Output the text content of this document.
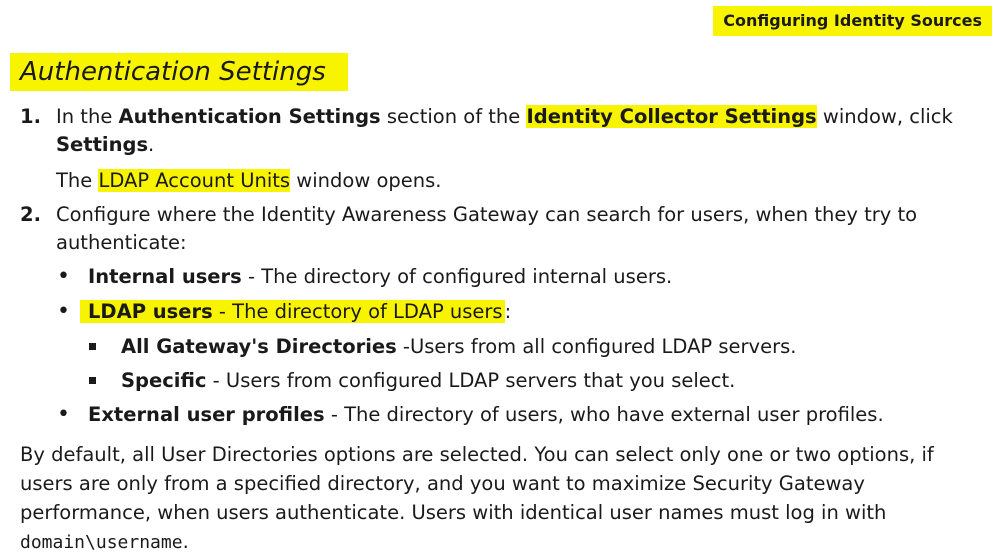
Configuring Identity Sources
Authentication Settings
1. In the Authentication Settings section of the Identity Collector Settings window, click
Settings.
The LDAP Account Units window opens.
2. Configure where the Identity Awareness Gateway can search for users, when they try to
authenticate:
• Internal users - The directory of configured internal users.
• LDAP users - The directory of LDAP users :
All Gateway's Directories -Users from all configured LDAP servers.
Specific - Users from configured LDAP servers that you select.
• External user profiles - The directory of users, who have external user profiles.
By default, all User Directories options are selected. You can select only one or two options, if
users are only from a specified directory, and you want to maximize Security Gateway
performance, when users authenticate. Users with identical user names must log in with
domain\username.
